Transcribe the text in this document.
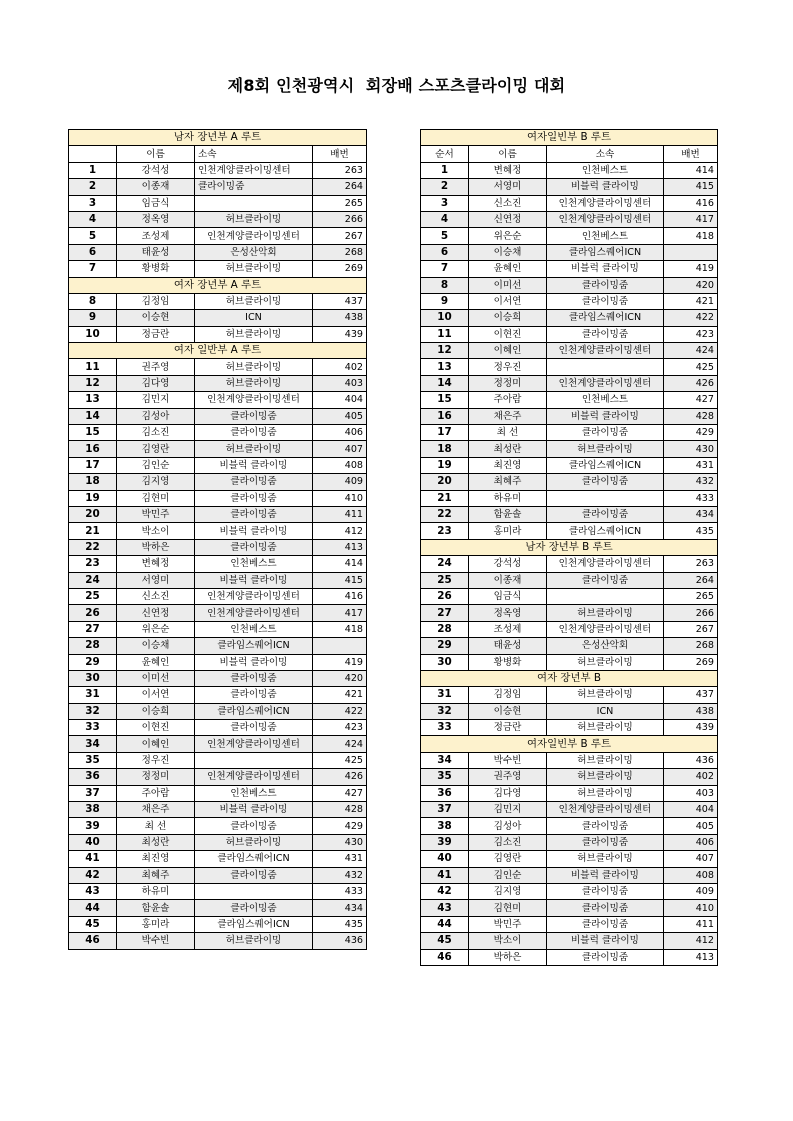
제8회 인천광역시  회장배 스포츠클라이밍 대회
남자 장년부 A 루트			
	이름	소속	배번
1	강석성	인천계양클라이밍센터	263
2	이종재	클라이밍줌	264
3	임금식		265
4	정옥영	허브클라이밍	266
5	조성제	인천계양클라이밍센터	267
6	태윤성	은성산악회	268
7	황병화	허브클라이밍	269
여자 장년부 A 루트			
8	김정임	허브클라이밍	437
9	이승현	ICN	438
10	정금란	허브클라이밍	439
여자 일반부 A 루트			
11	권주영	허브클라이밍	402
12	김다영	허브클라이밍	403
13	김민지	인천계양클라이밍센터	404
14	김성아	클라이밍줌	405
15	김소진	클라이밍줌	406
16	김영란	허브클라이밍	407
17	김인순	비블럭 클라이밍	408
18	김지영	클라이밍줌	409
19	김현미	클라이밍줌	410
20	박민주	클라이밍줌	411
21	박소이	비블럭 클라이밍	412
22	박하은	클라이밍줌	413
23	변혜정	인천베스트	414
24	서영미	비블럭 클라이밍	415
25	신소진	인천계양클라이밍센터	416
26	신연정	인천계양클라이밍센터	417
27	위은순	인천베스트	418
28	이승채	클라임스퀘어ICN	
29	윤혜인	비블럭 클라이밍	419
30	이미선	클라이밍줌	420
31	이서연	클라이밍줌	421
32	이승희	클라임스퀘어ICN	422
33	이현진	클라이밍줌	423
34	이혜인	인천계양클라이밍센터	424
35	정우진		425
36	정정미	인천계양클라이밍센터	426
37	주아람	인천베스트	427
38	채은주	비블럭 클라이밍	428
39	최 선	클라이밍줌	429
40	최성란	허브클라이밍	430
41	최진영	클라임스퀘어ICN	431
42	최혜주	클라이밍줌	432
43	하유미		433
44	함윤솔	클라이밍줌	434
45	홍미라	클라임스퀘어ICN	435
46	박수빈	허브클라이밍	436
여자일빈부 B 루트			
순서	이름	소속	배번
1	변혜정	인천베스트	414
2	서영미	비블럭 클라이밍	415
3	신소진	인천계양클라이밍센터	416
4	신연정	인천계양클라이밍센터	417
5	위은순	인천베스트	418
6	이승채	클라임스퀘어ICN	
7	윤혜인	비블럭 클라이밍	419
8	이미선	클라이밍줌	420
9	이서연	클라이밍줌	421
10	이승희	클라임스퀘어ICN	422
11	이현진	클라이밍줌	423
12	이혜인	인천계양클라이밍센터	424
13	정우진		425
14	정정미	인천계양클라이밍센터	426
15	주아람	인천베스트	427
16	채은주	비블럭 클라이밍	428
17	최 선	클라이밍줌	429
18	최성란	허브클라이밍	430
19	최진영	클라임스퀘어ICN	431
20	최혜주	클라이밍줌	432
21	하유미		433
22	함윤솔	클라이밍줌	434
23	홍미라	클라임스퀘어ICN	435
남자 장년부 B 루트			
24	강석성	인천계양클라이밍센터	263
25	이종재	클라이밍줌	264
26	임금식		265
27	정옥영	허브클라이밍	266
28	조성제	인천계양클라이밍센터	267
29	태윤성	은성산악회	268
30	황병화	허브클라이밍	269
여자 장년부 B			
31	김정임	허브클라이밍	437
32	이승현	ICN	438
33	정금란	허브클라이밍	439
여자일빈부 B 루트			
34	박수빈	허브클라이밍	436
35	권주영	허브클라이밍	402
36	김다영	허브클라이밍	403
37	김민지	인천계양클라이밍센터	404
38	김성아	클라이밍줌	405
39	김소진	클라이밍줌	406
40	김영란	허브클라이밍	407
41	김인순	비블럭 클라이밍	408
42	김지영	클라이밍줌	409
43	김현미	클라이밍줌	410
44	박민주	클라이밍줌	411
45	박소이	비블럭 클라이밍	412
46	박하은	클라이밍줌	413
